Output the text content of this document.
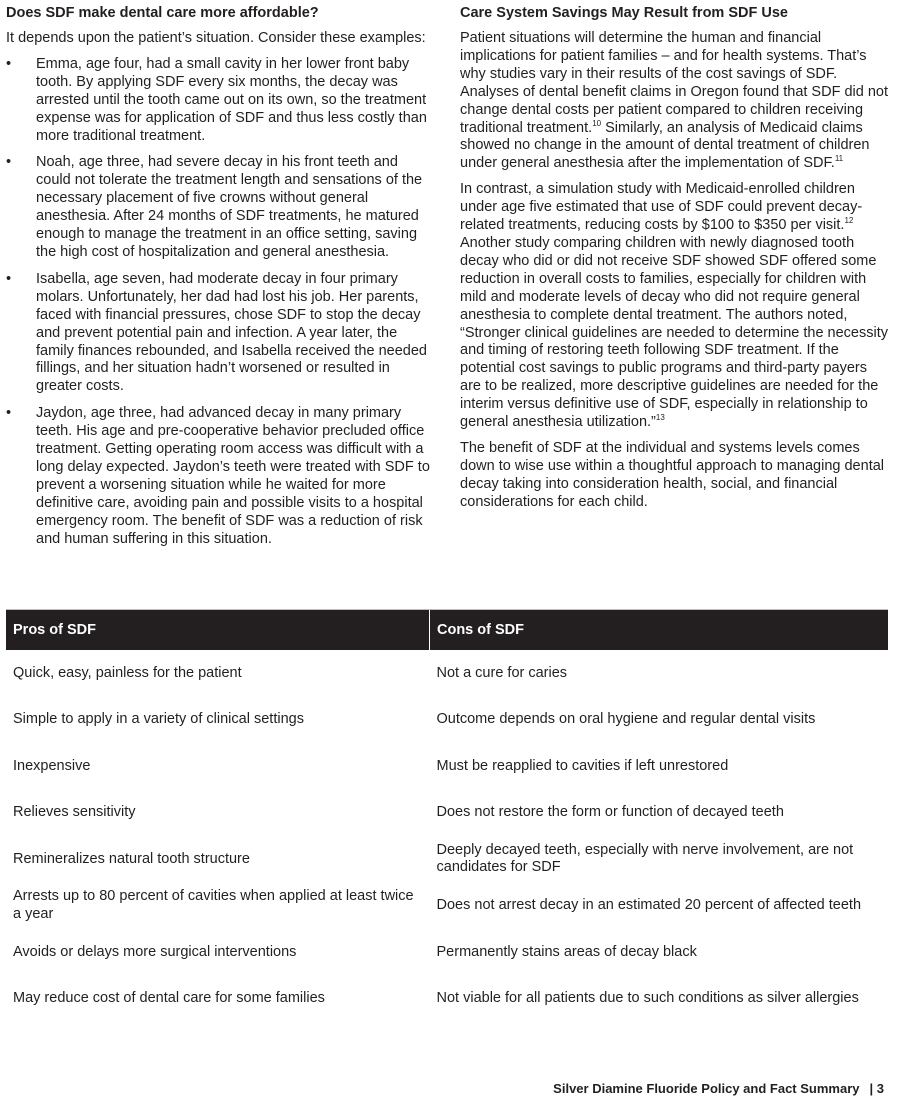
Does SDF make dental care more affordable?

It depends upon the patient’s situation. Consider these examples:

• Emma, age four, had a small cavity in her lower front baby tooth. By applying SDF every six months, the decay was arrested until the tooth came out on its own, so the treatment expense was for application of SDF and thus less costly than more traditional treatment.
• Noah, age three, had severe decay in his front teeth and could not tolerate the treatment length and sensations of the necessary placement of five crowns without general anesthesia. After 24 months of SDF treatments, he matured enough to manage the treatment in an office setting, saving the high cost of hospitalization and general anesthesia.
• Isabella, age seven, had moderate decay in four primary molars. Unfortunately, her dad had lost his job. Her parents, faced with financial pressures, chose SDF to stop the decay and prevent potential pain and infection. A year later, the family finances rebounded, and Isabella received the needed fillings, and her situation hadn’t worsened or resulted in greater costs.
• Jaydon, age three, had advanced decay in many primary teeth. His age and pre-cooperative behavior precluded office treatment. Getting operating room access was difficult with a long delay expected. Jaydon’s teeth were treated with SDF to prevent a worsening situation while he waited for more definitive care, avoiding pain and possible visits to a hospital emergency room. The benefit of SDF was a reduction of risk and human suffering in this situation.
Care System Savings May Result from SDF Use

Patient situations will determine the human and financial implications for patient families – and for health systems. That’s why studies vary in their results of the cost savings of SDF. Analyses of dental benefit claims in Oregon found that SDF did not change dental costs per patient compared to children receiving traditional treatment.$^{10}$ Similarly, an analysis of Medicaid claims showed no change in the amount of dental treatment of children under general anesthesia after the implementation of SDF.$^{11}$

In contrast, a simulation study with Medicaid-enrolled children under age five estimated that use of SDF could prevent decay-related treatments, reducing costs by $100 to $350 per visit.$^{12}$ Another study comparing children with newly diagnosed tooth decay who did or did not receive SDF showed SDF offered some reduction in overall costs to families, especially for children with mild and moderate levels of decay who did not require general anesthesia to complete dental treatment. The authors noted, “Stronger clinical guidelines are needed to determine the necessity and timing of restoring teeth following SDF treatment. If the potential cost savings to public programs and third-party payers are to be realized, more descriptive guidelines are needed for the interim versus definitive use of SDF, especially in relationship to general anesthesia utilization.”$^{13}$

The benefit of SDF at the individual and systems levels comes down to wise use within a thoughtful approach to managing dental decay taking into consideration health, social, and financial considerations for each child.

Pros of SDF	Cons of SDF
Quick, easy, painless for the patient	Not a cure for caries
Simple to apply in a variety of clinical settings	Outcome depends on oral hygiene and regular dental visits
Inexpensive	Must be reapplied to cavities if left unrestored
Relieves sensitivity	Does not restore the form or function of decayed teeth
Remineralizes natural tooth structure	Deeply decayed teeth, especially with nerve involvement, are not candidates for SDF
Arrests up to 80 percent of cavities when applied at least twice a year	Does not arrest decay in an estimated 20 percent of affected teeth
Avoids or delays more surgical interventions	Permanently stains areas of decay black
May reduce cost of dental care for some families	Not viable for all patients due to such conditions as silver allergies
Silver Diamine Fluoride Policy and Fact Summary | 3
